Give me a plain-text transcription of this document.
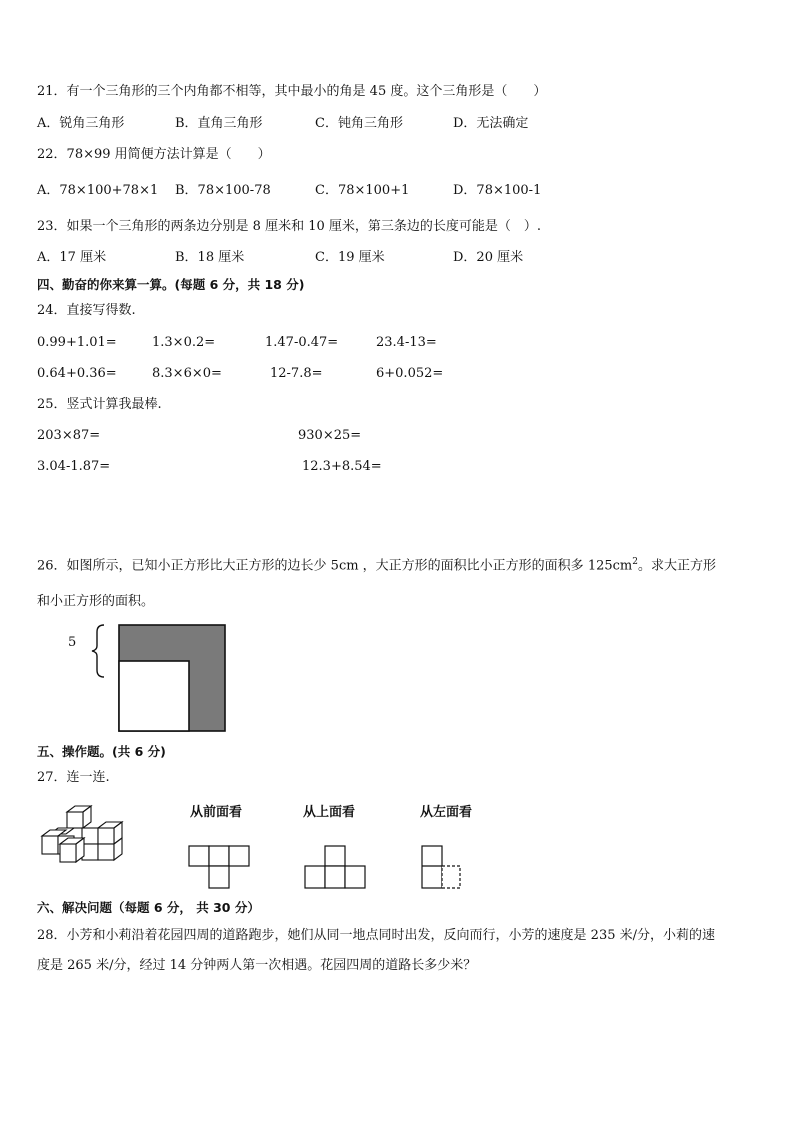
21．有一个三角形的三个内角都不相等，其中最小的角是 45 度。这个三角形是（　　）
A．锐角三角形	B．直角三角形	C．钝角三角形	D．无法确定
22．78×99 用简便方法计算是（　　）
A．78×100+78×1 B．78×100-78	C．78×100+1	D．78×100-1
23．如果一个三角形的两条边分别是 8 厘米和 10 厘米，第三条边的长度可能是（　）.
A．17 厘米	B．18 厘米	C．19 厘米	D．20 厘米
四、勤奋的你来算一算。(每题 6 分，共 18 分)
24．直接写得数.
0.99+1.01=	1.3×0.2=	1.47-0.47=	23.4-13=
0.64+0.36=	8.3×6×0=	12-7.8=	6+0.052=
25．竖式计算我最棒.
203×87=	930×25=
3.04-1.87=	12.3+8.54=
26．如图所示，已知小正方形比大正方形的边长少 5cm ，大正方形的面积比小正方形的面积多 $125cm^2$。求大正方形
和小正方形的面积。
5
五、操作题。(共 6 分)
27．连一连.
从前面看	从上面看	从左面看
六、解决问题（每题 6 分， 共 30 分）
28．小芳和小莉沿着花园四周的道路跑步，她们从同一地点同时出发，反向而行，小芳的速度是 235 米/分，小莉的速
度是 265 米/分，经过 14 分钟两人第一次相遇。花园四周的道路长多少米？
